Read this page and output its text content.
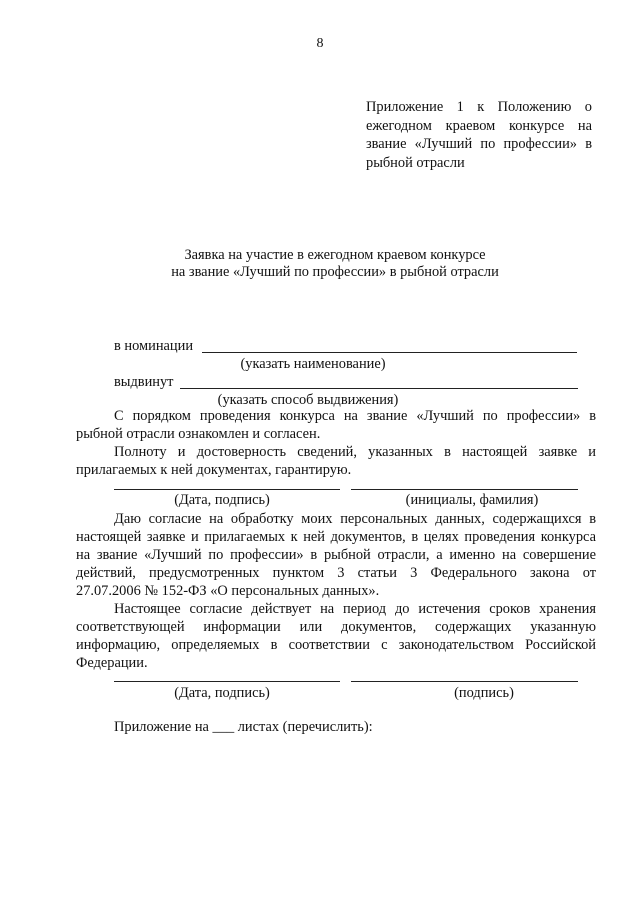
8
Приложение 1 к Положению о
ежегодном краевом конкурсе на
звание «Лучший по профессии» в
рыбной отрасли
Заявка на участие в ежегодном краевом конкурсе
на звание «Лучший по профессии» в рыбной отрасли
в номинации
(указать наименование)
выдвинут
(указать способ выдвижения)
С порядком проведения конкурса на звание «Лучший по профессии» в
рыбной отрасли ознакомлен и согласен.
Полноту и достоверность сведений, указанных в настоящей заявке и
прилагаемых к ней документах, гарантирую.
(Дата, подпись)	(инициалы, фамилия)
Даю согласие на обработку моих персональных данных, содержащихся в
настоящей заявке и прилагаемых к ней документов, в целях проведения конкурса
на звание «Лучший по профессии» в рыбной отрасли, а именно на совершение
действий, предусмотренных пунктом 3 статьи 3 Федерального закона от
27.07.2006 № 152-ФЗ «О персональных данных».
Настоящее согласие действует на период до истечения сроков хранения
соответствующей информации или документов, содержащих указанную
информацию, определяемых в соответствии с законодательством Российской
Федерации.
(Дата, подпись)	(подпись)
Приложение на ___ листах (перечислить):
